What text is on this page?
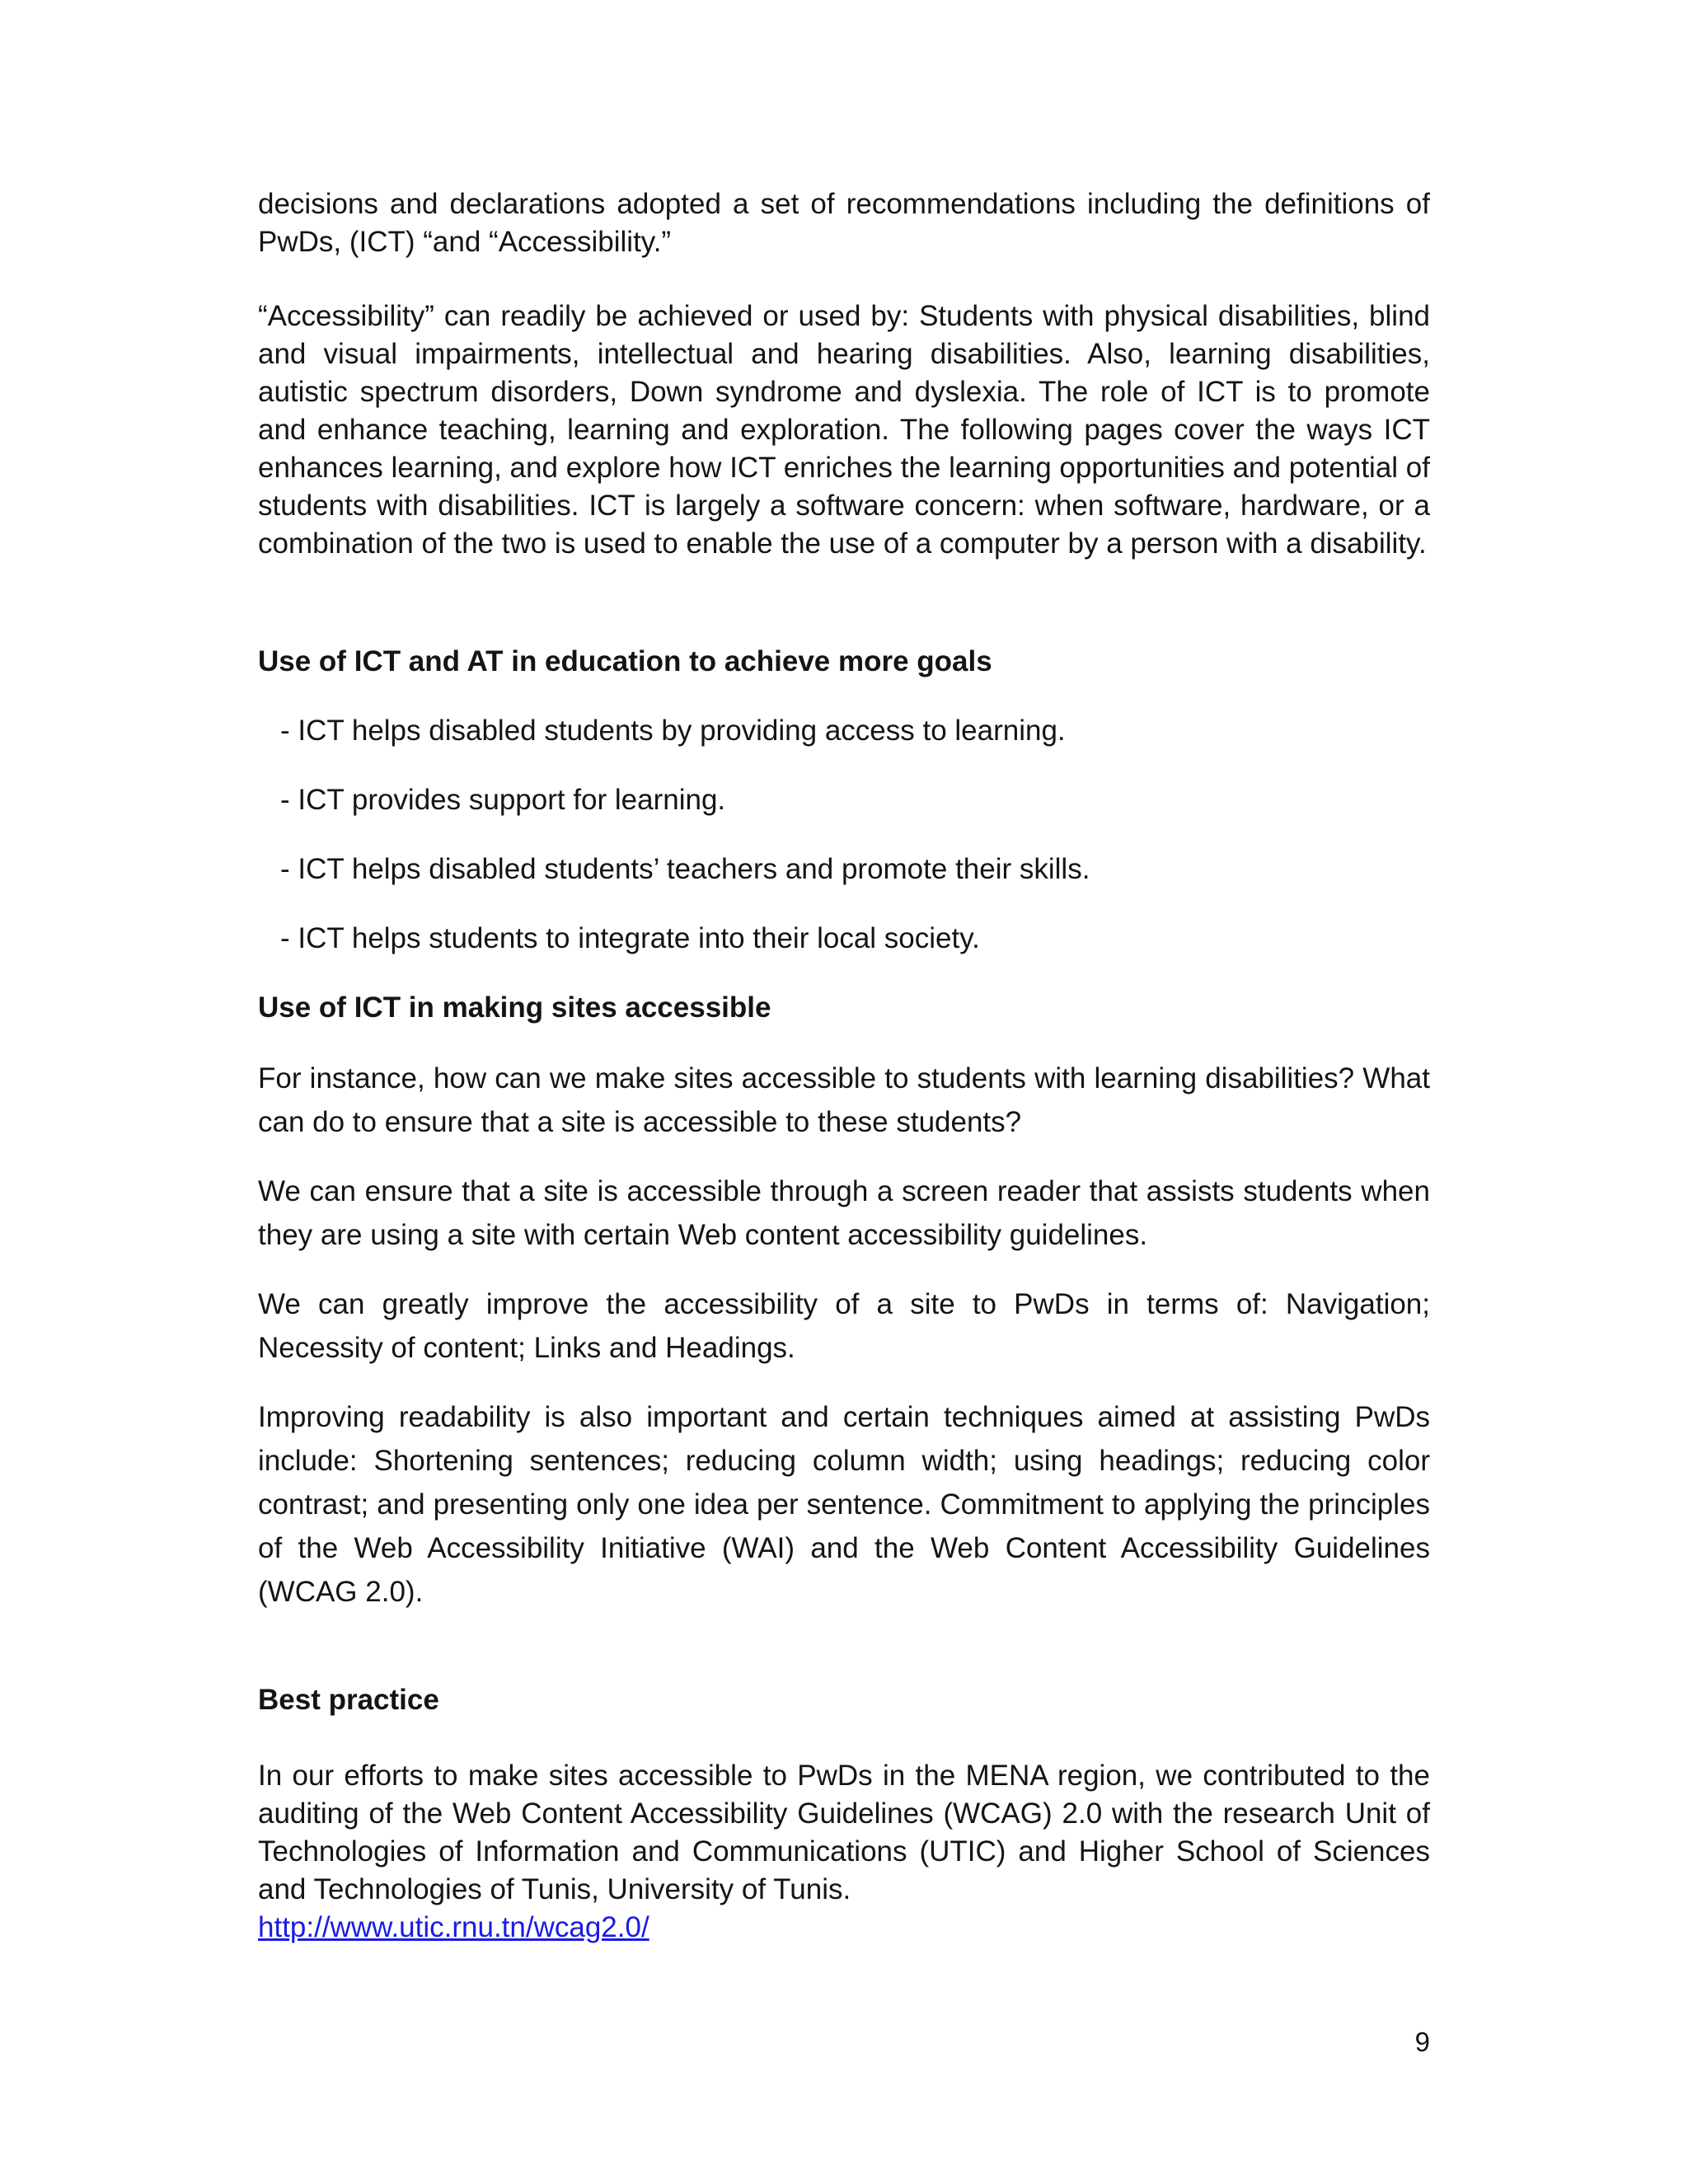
decisions and declarations adopted a set of recommendations including the definitions of PwDs, (ICT) “and “Accessibility.”

“Accessibility” can readily be achieved or used by: Students with physical disabilities, blind and visual impairments, intellectual and hearing disabilities. Also, learning disabilities, autistic spectrum disorders, Down syndrome and dyslexia. The role of ICT is to promote and enhance teaching, learning and exploration. The following pages cover the ways ICT enhances learning, and explore how ICT enriches the learning opportunities and potential of students with disabilities. ICT is largely a software concern: when software, hardware, or a combination of the two is used to enable the use of a computer by a person with a disability.

Use of ICT and AT in education to achieve more goals

- ICT helps disabled students by providing access to learning.

- ICT provides support for learning.

- ICT helps disabled students’ teachers and promote their skills.

- ICT helps students to integrate into their local society.

Use of ICT in making sites accessible

For instance, how can we make sites accessible to students with learning disabilities? What can do to ensure that a site is accessible to these students?

We can ensure that a site is accessible through a screen reader that assists students when they are using a site with certain Web content accessibility guidelines.

We can greatly improve the accessibility of a site to PwDs in terms of: Navigation; Necessity of content; Links and Headings.

Improving readability is also important and certain techniques aimed at assisting PwDs include: Shortening sentences; reducing column width; using headings; reducing color contrast; and presenting only one idea per sentence. Commitment to applying the principles of the Web Accessibility Initiative (WAI) and the Web Content Accessibility Guidelines (WCAG 2.0).

Best practice

In our efforts to make sites accessible to PwDs in the MENA region, we contributed to the auditing of the Web Content Accessibility Guidelines (WCAG) 2.0 with the research Unit of Technologies of Information and Communications (UTIC) and Higher School of Sciences and Technologies of Tunis, University of Tunis.

http://www.utic.rnu.tn/wcag2.0/

9
